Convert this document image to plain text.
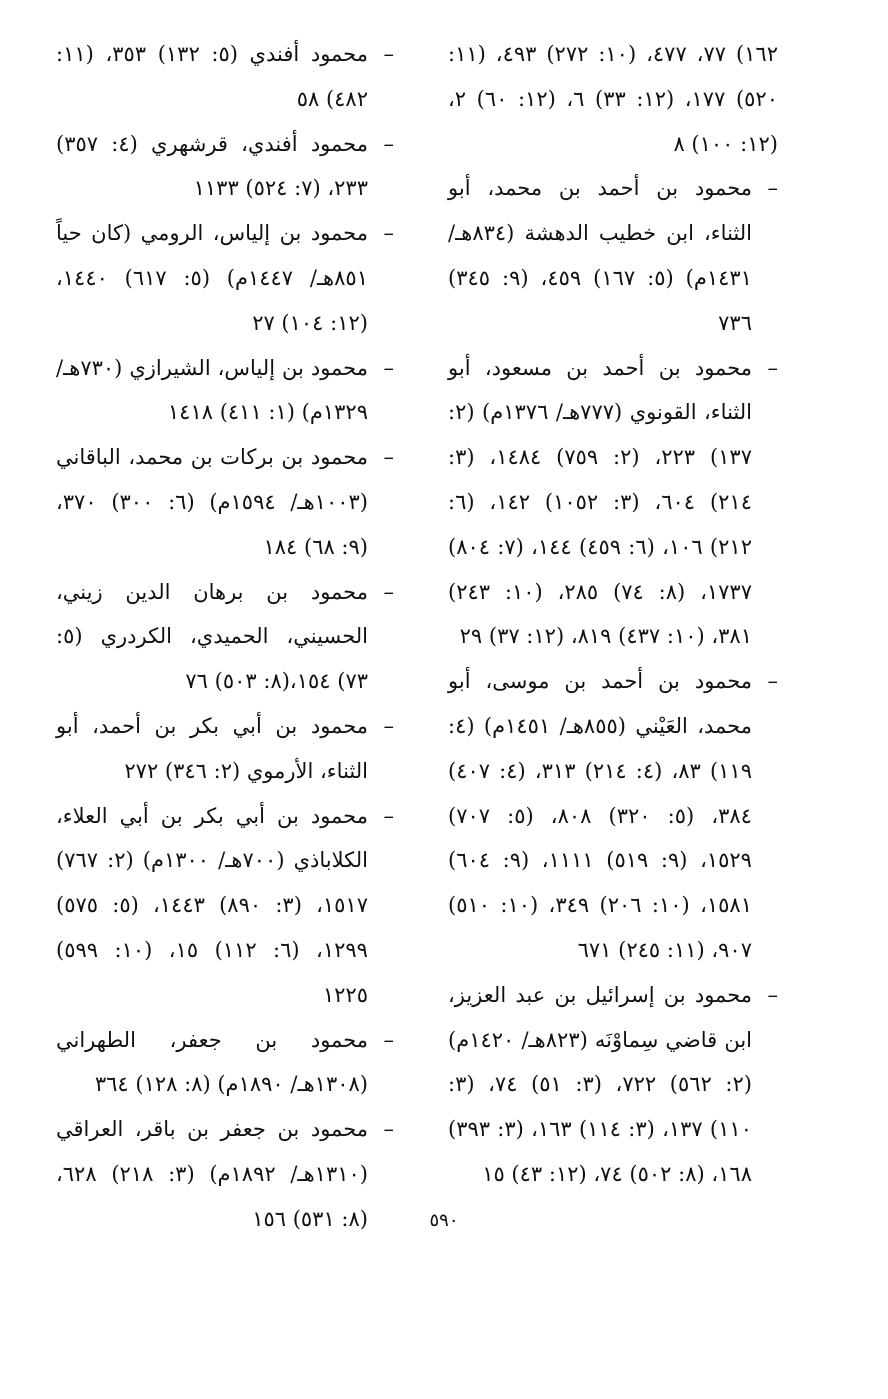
١٦٢) ٧٧، ٤٧٧، (١٠: ٢٧٢) ٤٩٣، (١١: ٥٢٠) ١٧٧، (١٢: ٣٣) ٦، (١٢: ٦٠) ٢، (١٢: ١٠٠) ٨

–
محمود بن أحمد بن محمد، أبو الثناء، ابن خطيب الدهشة (٨٣٤هـ/ ١٤٣١م) (٥: ١٦٧) ٤٥٩، (٩: ٣٤٥) ٧٣٦

–
محمود بن أحمد بن مسعود، أبو الثناء، القونوي (٧٧٧هـ/ ١٣٧٦م) (٢: ١٣٧) ٢٢٣، (٢: ٧٥٩) ١٤٨٤، (٣: ٢١٤) ٦٠٤، (٣: ١٠٥٢) ١٤٢، (٦: ٢١٢) ١٠٦، (٦: ٤٥٩) ١٤٤، (٧: ٨٠٤) ١٧٣٧، (٨: ٧٤) ٢٨٥، (١٠: ٢٤٣) ٣٨١، (١٠: ٤٣٧) ٨١٩، (١٢: ٣٧) ٢٩

–
محمود بن أحمد بن موسى، أبو محمد، العَيْني (٨٥٥هـ/ ١٤٥١م) (٤: ١١٩) ٨٣، (٤: ٢١٤) ٣١٣، (٤: ٤٠٧) ٣٨٤، (٥: ٣٢٠) ٨٠٨، (٥: ٧٠٧) ١٥٢٩، (٩: ٥١٩) ١١١١، (٩: ٦٠٤) ١٥٨١، (١٠: ٢٠٦) ٣٤٩، (١٠: ٥١٠) ٩٠٧، (١١: ٢٤٥) ٦٧١

–
محمود بن إسرائيل بن عبد العزيز، ابن قاضي سِماوْنَه (٨٢٣هـ/ ١٤٢٠م) (٢: ٥٦٢) ٧٢٢، (٣: ٥١) ٧٤، (٣: ١١٠) ١٣٧، (٣: ١١٤) ١٦٣، (٣: ٣٩٣) ١٦٨، (٨: ٥٠٢) ٧٤، (١٢: ٤٣) ١٥

–
محمود أفندي (٥: ١٣٢) ٣٥٣، (١١: ٤٨٢) ٥٨

–
محمود أفندي، قرشهري (٤: ٣٥٧) ٢٣٣، (٧: ٥٢٤) ١١٣٣

–
محمود بن إلياس، الرومي (كان حياً ٨٥١هـ/ ١٤٤٧م) (٥: ٦١٧) ١٤٤٠، (١٢: ١٠٤) ٢٧

–
محمود بن إلياس، الشيرازي (٧٣٠هـ/ ١٣٢٩م) (١: ٤١١) ١٤١٨

–
محمود بن بركات بن محمد، الباقاني (١٠٠٣هـ/ ١٥٩٤م) (٦: ٣٠٠) ٣٧٠، (٩: ٦٨) ١٨٤

–
محمود بن برهان الدين زيني، الحسيني، الحميدي، الكردري (٥: ٧٣) ١٥٤،(٨: ٥٠٣) ٧٦

–
محمود بن أبي بكر بن أحمد، أبو الثناء، الأرموي (٢: ٣٤٦) ٢٧٢

–
محمود بن أبي بكر بن أبي العلاء، الكلاباذي (٧٠٠هـ/ ١٣٠٠م) (٢: ٧٦٧) ١٥١٧، (٣: ٨٩٠) ١٤٤٣، (٥: ٥٧٥) ١٢٩٩، (٦: ١١٢) ١٥، (١٠: ٥٩٩) ١٢٢٥

–
محمود بن جعفر، الطهراني (١٣٠٨هـ/ ١٨٩٠م) (٨: ١٢٨) ٣٦٤

–
محمود بن جعفر بن باقر، العراقي (١٣١٠هـ/ ١٨٩٢م) (٣: ٢١٨) ٦٢٨، (٨: ٥٣١) ١٥٦	٥٩٠
